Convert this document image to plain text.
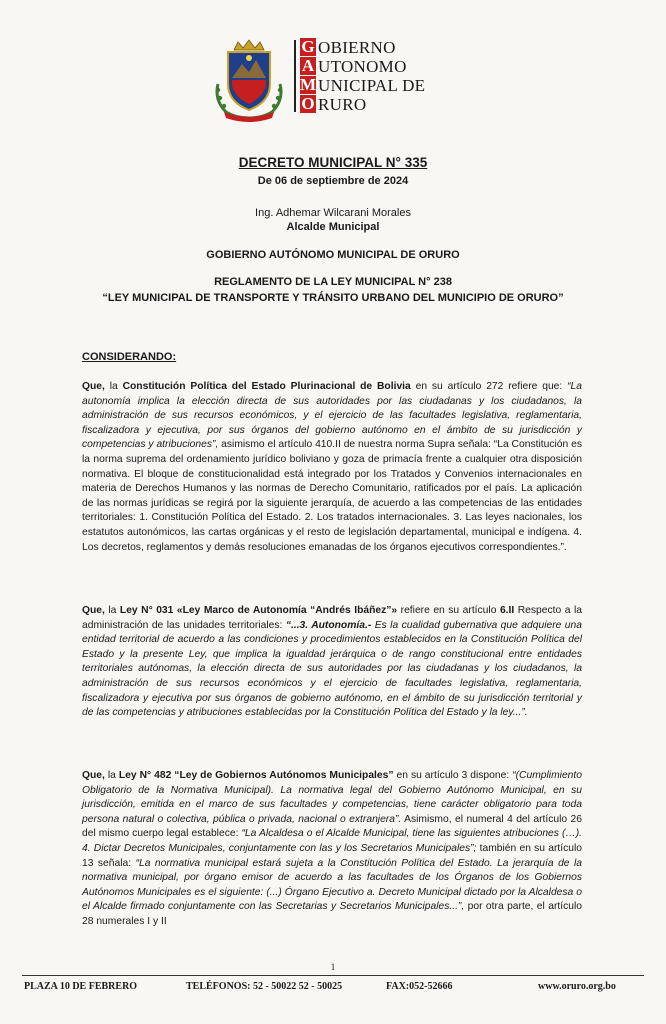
G
A
M
O
OBIERNO
UTONOMO
UNICIPAL DE
RURO
DECRETO MUNICIPAL N° 335
De 06 de septiembre de 2024
Ing. Adhemar Wilcarani Morales
Alcalde Municipal
GOBIERNO AUTÓNOMO MUNICIPAL DE ORURO
REGLAMENTO DE LA LEY MUNICIPAL N° 238
“LEY MUNICIPAL DE TRANSPORTE Y TRÁNSITO URBANO DEL MUNICIPIO DE ORURO”
CONSIDERANDO:
Que, la Constitución Política del Estado Plurinacional de Bolivia en su artículo 272 refiere que: “La autonomía implica la elección directa de sus autoridades por las ciudadanas y los ciudadanos, la administración de sus recursos económicos, y el ejercicio de las facultades legislativa, reglamentaria, fiscalizadora y ejecutiva, por sus órganos del gobierno autónomo en el ámbito de su jurisdicción y competencias y atribuciones”, asimismo el artículo 410.II de nuestra norma Supra señala: “La Constitución es la norma suprema del ordenamiento jurídico boliviano y goza de primacía frente a cualquier otra disposición normativa. El bloque de constitucionalidad está integrado por los Tratados y Convenios internacionales en materia de Derechos Humanos y las normas de Derecho Comunitario, ratificados por el país. La aplicación de las normas jurídicas se regirá por la siguiente jerarquía, de acuerdo a las competencias de las entidades territoriales: 1. Constitución Política del Estado. 2. Los tratados internacionales. 3. Las leyes nacionales, los estatutos autonómicos, las cartas orgánicas y el resto de legislación departamental, municipal e indígena. 4. Los decretos, reglamentos y demás resoluciones emanadas de los órganos ejecutivos correspondientes.”.
Que, la Ley N° 031 «Ley Marco de Autonomía “Andrés Ibáñez”» refiere en su artículo 6.II Respecto a la administración de las unidades territoriales: “...3. Autonomía.- Es la cualidad gubernativa que adquiere una entidad territorial de acuerdo a las condiciones y procedimientos establecidos en la Constitución Política del Estado y la presente Ley, que implica la igualdad jerárquica o de rango constitucional entre entidades territoriales autónomas, la elección directa de sus autoridades por las ciudadanas y los ciudadanos, la administración de sus recursos económicos y el ejercicio de facultades legislativa, reglamentaria, fiscalizadora y ejecutiva por sus órganos de gobierno autónomo, en el ámbito de su jurisdicción territorial y de las competencias y atribuciones establecidas por la Constitución Política del Estado y la ley...”.
Que, la Ley N° 482 “Ley de Gobiernos Autónomos Municipales” en su artículo 3 dispone: “(Cumplimiento Obligatorio de la Normativa Municipal). La normativa legal del Gobierno Autónomo Municipal, en su jurisdicción, emitida en el marco de sus facultades y competencias, tiene carácter obligatorio para toda persona natural o colectiva, pública o privada, nacional o extranjera”. Asimismo, el numeral 4 del artículo 26 del mismo cuerpo legal establece: “La Alcaldesa o el Alcalde Municipal, tiene las siguientes atribuciones (…). 4. Dictar Decretos Municipales, conjuntamente con las y los Secretarios Municipales”; también en su artículo 13 señala: “La normativa municipal estará sujeta a la Constitución Política del Estado. La jerarquía de la normativa municipal, por órgano emisor de acuerdo a las facultades de los Órganos de los Gobiernos Autónomos Municipales es el siguiente: (...) Órgano Ejecutivo a. Decreto Municipal dictado por la Alcaldesa o el Alcalde firmado conjuntamente con las Secretarias y Secretarios Municipales...”, por otra parte, el artículo 28 numerales I y II
1
PLAZA 10 DE FEBRERO	TELÉFONOS: 52 - 50022 52 - 50025	FAX:052-52666	www.oruro.org.bo
